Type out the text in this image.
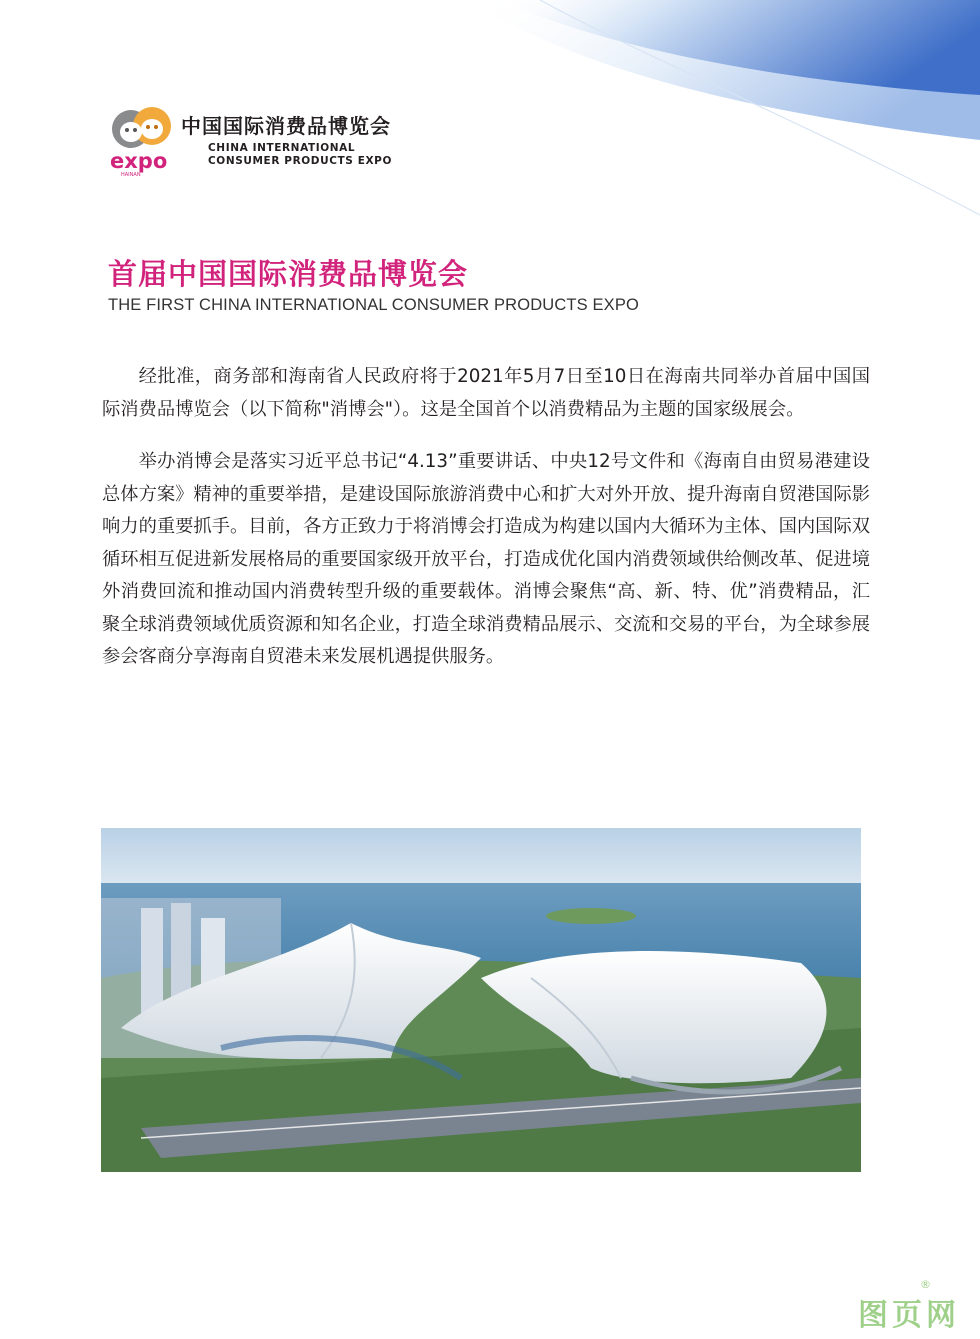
expo
HAINAN
中国国际消费品博览会
CHINA INTERNATIONAL
CONSUMER PRODUCTS EXPO
首届中国国际消费品博览会
THE FIRST CHINA INTERNATIONAL CONSUMER PRODUCTS EXPO

经批准，商务部和海南省人民政府将于2021年5月7日至10日在海南共同举办首届中国国际消费品博览会（以下简称"消博会"）。这是全国首个以消费精品为主题的国家级展会。

举办消博会是落实习近平总书记“4.13”重要讲话、中央12号文件和《海南自由贸易港建设总体方案》精神的重要举措，是建设国际旅游消费中心和扩大对外开放、提升海南自贸港国际影响力的重要抓手。目前，各方正致力于将消博会打造成为构建以国内大循环为主体、国内国际双循环相互促进新发展格局的重要国家级开放平台，打造成优化国内消费领域供给侧改革、促进境外消费回流和推动国内消费转型升级的重要载体。消博会聚焦“高、新、特、优”消费精品，汇聚全球消费领域优质资源和知名企业，打造全球消费精品展示、交流和交易的平台，为全球参展参会客商分享海南自贸港未来发展机遇提供服务。

图页网
®
